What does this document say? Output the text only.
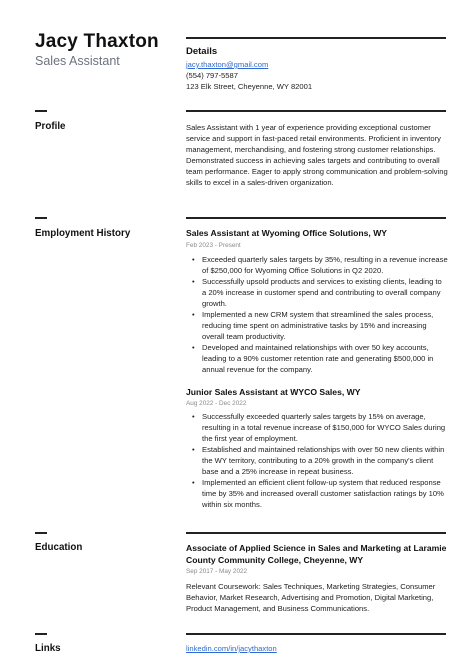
Jacy Thaxton
Sales Assistant
Details
jacy.thaxton@gmail.com
(554) 797-5587
123 Elk Street, Cheyenne, WY 82001
Profile	Sales Assistant with 1 year of experience providing exceptional customer service and support in fast-paced retail environments. Proficient in inventory management, merchandising, and fostering strong customer relationships. Demonstrated success in achieving sales targets and contributing to overall team performance. Eager to apply strong communication and problem-solving skills to excel in a sales-driven organization.
Employment History	Sales Assistant at Wyoming Office Solutions, WY
Feb 2023 - Present
• Exceeded quarterly sales targets by 35%, resulting in a revenue increase of $250,000 for Wyoming Office Solutions in Q2 2020.
• Successfully upsold products and services to existing clients, leading to a 20% increase in customer spend and contributing to overall company growth.
• Implemented a new CRM system that streamlined the sales process, reducing time spent on administrative tasks by 15% and increasing overall team productivity.
• Developed and maintained relationships with over 50 key accounts, leading to a 90% customer retention rate and generating $500,000 in annual revenue for the company.
Junior Sales Assistant at WYCO Sales, WY
Aug 2022 - Dec 2022
• Successfully exceeded quarterly sales targets by 15% on average, resulting in a total revenue increase of $150,000 for WYCO Sales during the first year of employment.
• Established and maintained relationships with over 50 new clients within the WY territory, contributing to a 20% growth in the company's client base and a 25% increase in repeat business.
• Implemented an efficient client follow-up system that reduced response time by 35% and increased overall customer satisfaction ratings by 10% within six months.
Education	Associate of Applied Science in Sales and Marketing at Laramie County Community College, Cheyenne, WY
Sep 2017 - May 2022
Relevant Coursework: Sales Techniques, Marketing Strategies, Consumer Behavior, Market Research, Advertising and Promotion, Digital Marketing, Product Management, and Business Communications.
Links	linkedin.com/in/jacythaxton
